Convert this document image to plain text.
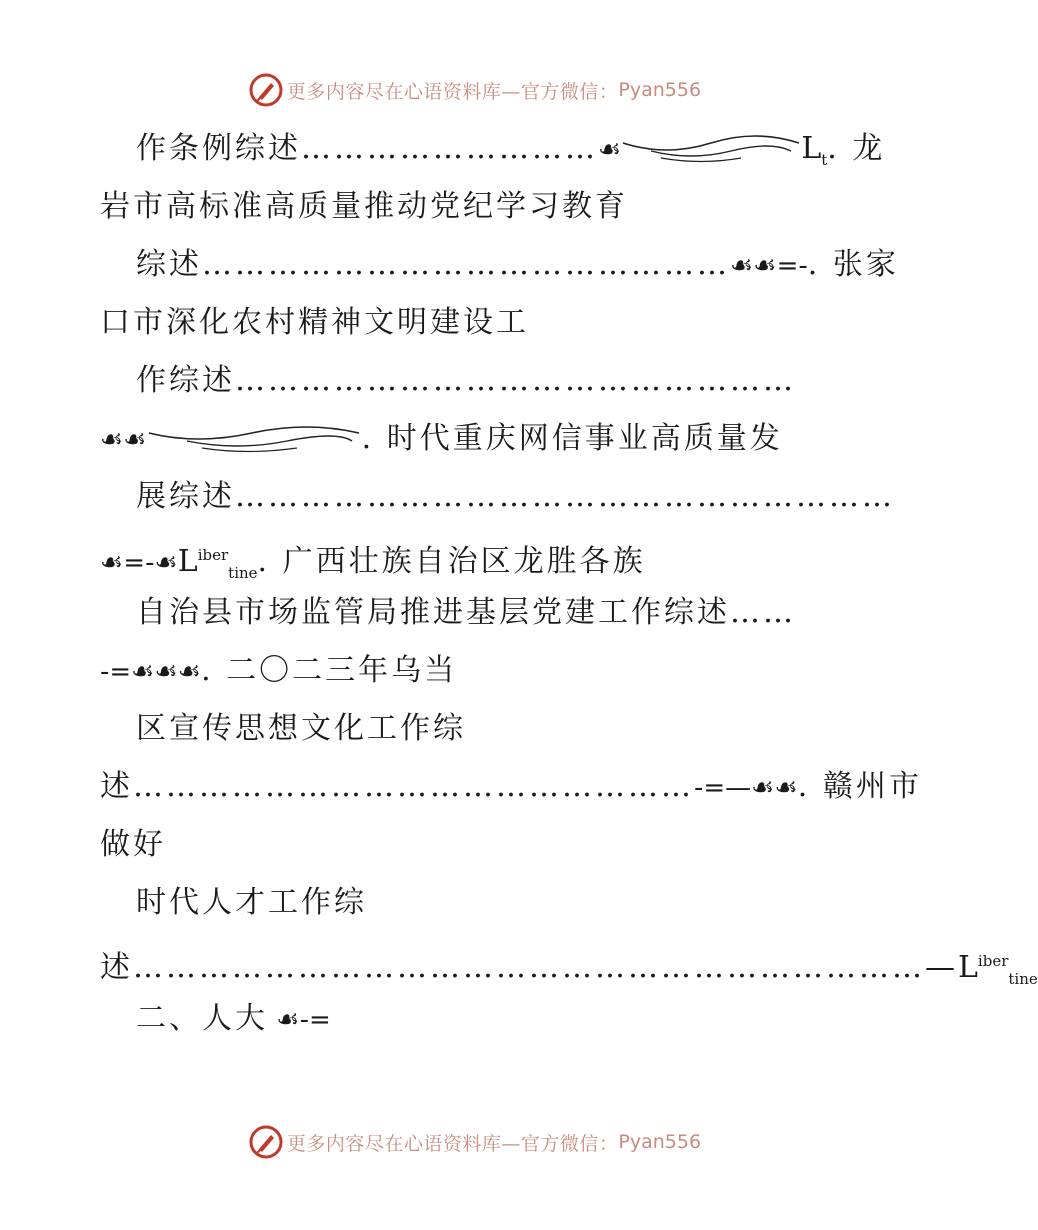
更多内容尽在心语资料库—官方微信： Pyan556
作条例综述………………………☙	$L_t$. 龙
岩市高标准高质量推动党纪学习教育
综述…………………………………………☙☙=-. 张家
口市深化农村精神文明建设工
作综述……………………………………………
☙☙	. 时代重庆网信事业高质量发
展综述……………………………………………………
$☙=-☙L^{iber}_{tine}$. 广西壮族自治区龙胜各族
自治县市场监管局推进基层党建工作综述……
-=☙☙☙. 二〇二三年乌当
区宣传思想文化工作综
述……………………………………………-=—☙☙. 赣州市
做好
时代人才工作综
述$\dots\dots\dots\dots\dots\dots\dots\dots\dots\dots\dots\dots\dots\dots\dots\dots\dots\dots\dots\dots\dots\dots\dots\dots—L^{iber}_{tine}$
二、人大 ☙-=
更多内容尽在心语资料库—官方微信： Pyan556
